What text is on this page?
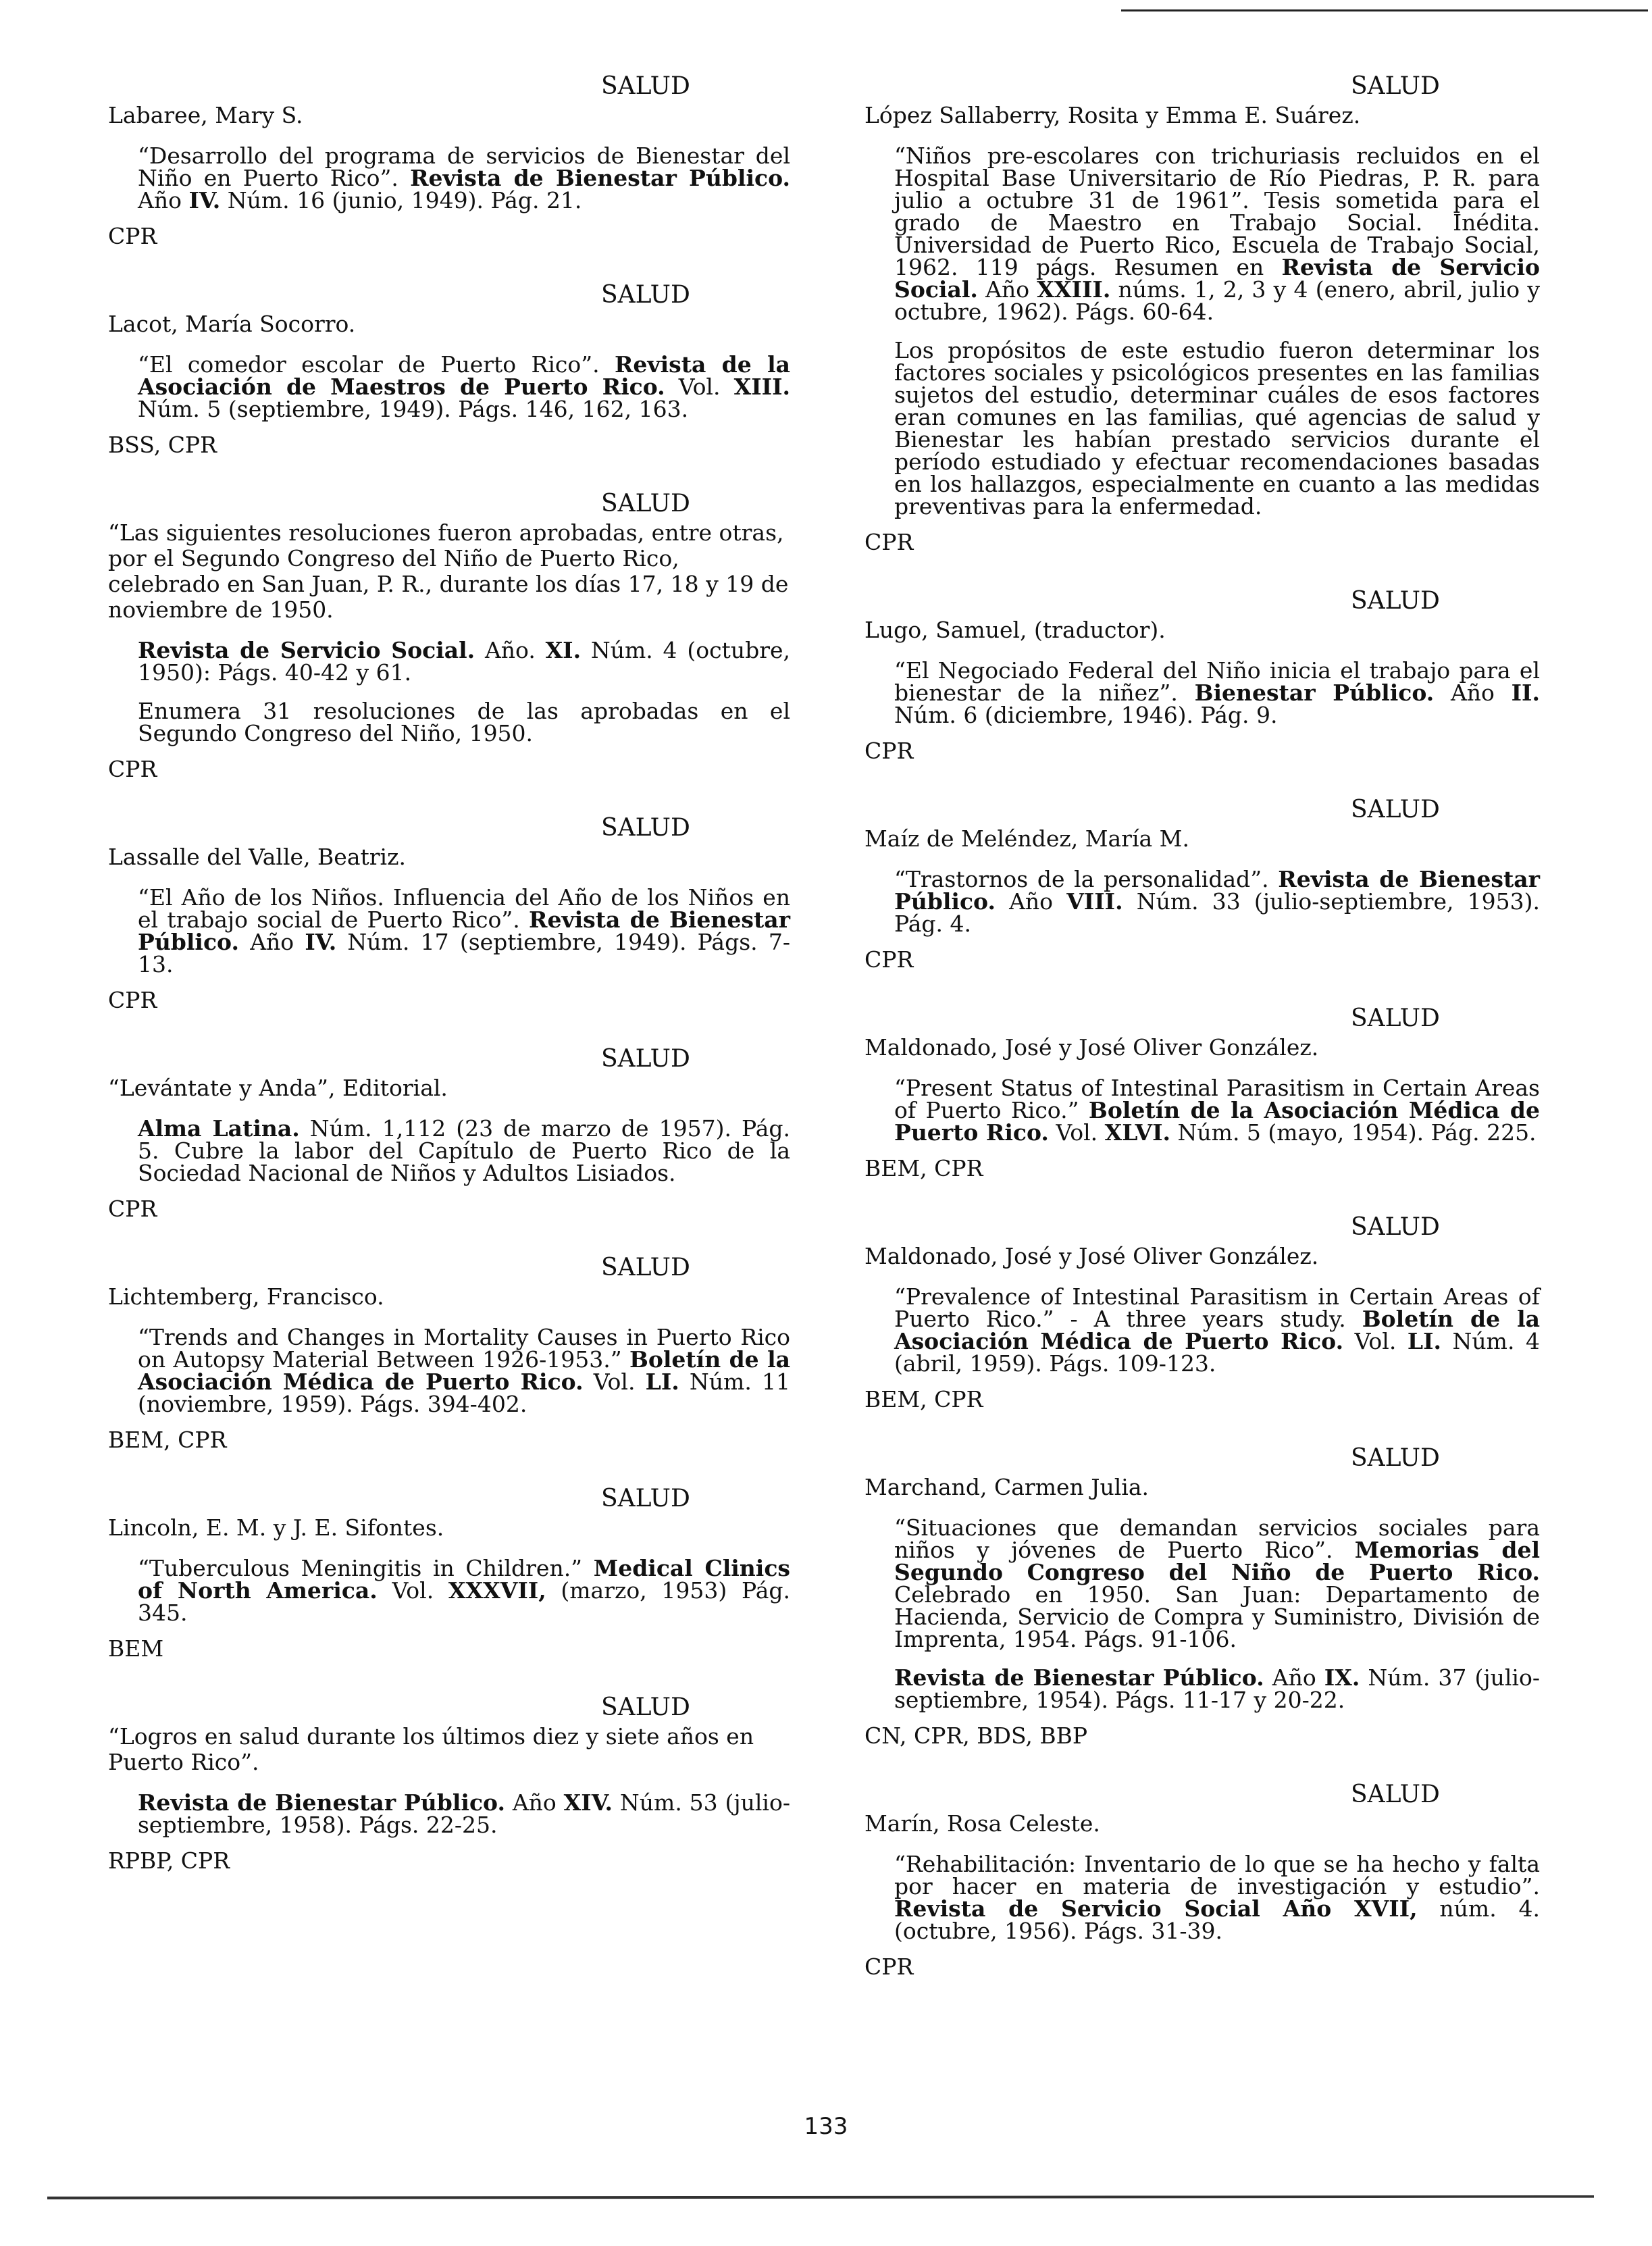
SALUD
Labaree, Mary S.
“Desarrollo del programa de servicios de Bienestar del Niño en Puerto Rico”. Revista de Bienestar Público. Año IV. Núm. 16 (junio, 1949). Pág. 21.
CPR
SALUD
Lacot, María Socorro.
“El comedor escolar de Puerto Rico”. Revista de la Asociación de Maestros de Puerto Rico. Vol. XIII. Núm. 5 (septiembre, 1949). Págs. 146, 162, 163.
BSS, CPR
SALUD
“Las siguientes resoluciones fueron aprobadas, entre otras, por el Segundo Congreso del Niño de Puerto Rico, celebrado en San Juan, P. R., durante los días 17, 18 y 19 de noviembre de 1950.
Revista de Servicio Social. Año. XI. Núm. 4 (octubre, 1950): Págs. 40-42 y 61.
Enumera 31 resoluciones de las aprobadas en el Segundo Congreso del Niño, 1950.
CPR
SALUD
Lassalle del Valle, Beatriz.
“El Año de los Niños. Influencia del Año de los Niños en el trabajo social de Puerto Rico”. Revista de Bienestar Público. Año IV. Núm. 17 (septiembre, 1949). Págs. 7-13.
CPR
SALUD
“Levántate y Anda”, Editorial.
Alma Latina. Núm. 1,112 (23 de marzo de 1957). Pág. 5. Cubre la labor del Capítulo de Puerto Rico de la Sociedad Nacional de Niños y Adultos Lisiados.
CPR
SALUD
Lichtemberg, Francisco.
“Trends and Changes in Mortality Causes in Puerto Rico on Autopsy Material Between 1926-1953.” Boletín de la Asociación Médica de Puerto Rico. Vol. LI. Núm. 11 (noviembre, 1959). Págs. 394-402.
BEM, CPR
SALUD
Lincoln, E. M. y J. E. Sifontes.
“Tuberculous Meningitis in Children.” Medical Clinics of North America. Vol. XXXVII, (marzo, 1953) Pág. 345.
BEM
SALUD
“Logros en salud durante los últimos diez y siete años en Puerto Rico”.
Revista de Bienestar Público. Año XIV. Núm. 53 (julio-septiembre, 1958). Págs. 22-25.
RPBP, CPR
SALUD
López Sallaberry, Rosita y Emma E. Suárez.
“Niños pre-escolares con trichuriasis recluidos en el Hospital Base Universitario de Río Piedras, P. R. para julio a octubre 31 de 1961”. Tesis sometida para el grado de Maestro en Trabajo Social. Inédita. Universidad de Puerto Rico, Escuela de Trabajo Social, 1962. 119 págs. Resumen en Revista de Servicio Social. Año XXIII. núms. 1, 2, 3 y 4 (enero, abril, julio y octubre, 1962). Págs. 60-64.
Los propósitos de este estudio fueron determinar los factores sociales y psicológicos presentes en las familias sujetos del estudio, determinar cuáles de esos factores eran comunes en las familias, qué agencias de salud y Bienestar les habían prestado servicios durante el período estudiado y efectuar recomendaciones basadas en los hallazgos, especialmente en cuanto a las medidas preventivas para la enfermedad.
CPR
SALUD
Lugo, Samuel, (traductor).
“El Negociado Federal del Niño inicia el trabajo para el bienestar de la niñez”. Bienestar Público. Año II. Núm. 6 (diciembre, 1946). Pág. 9.
CPR
SALUD
Maíz de Meléndez, María M.
“Trastornos de la personalidad”. Revista de Bienestar Público. Año VIII. Núm. 33 (julio-septiembre, 1953). Pág. 4.
CPR
SALUD
Maldonado, José y José Oliver González.
“Present Status of Intestinal Parasitism in Certain Areas of Puerto Rico.” Boletín de la Asociación Médica de Puerto Rico. Vol. XLVI. Núm. 5 (mayo, 1954). Pág. 225.
BEM, CPR
SALUD
Maldonado, José y José Oliver González.
“Prevalence of Intestinal Parasitism in Certain Areas of Puerto Rico.” - A three years study. Boletín de la Asociación Médica de Puerto Rico. Vol. LI. Núm. 4 (abril, 1959). Págs. 109-123.
BEM, CPR
SALUD
Marchand, Carmen Julia.
“Situaciones que demandan servicios sociales para niños y jóvenes de Puerto Rico”. Memorias del Segundo Congreso del Niño de Puerto Rico. Celebrado en 1950. San Juan: Departamento de Hacienda, Servicio de Compra y Suministro, División de Imprenta, 1954. Págs. 91-106.
Revista de Bienestar Público. Año IX. Núm. 37 (julio-septiembre, 1954). Págs. 11-17 y 20-22.
CN, CPR, BDS, BBP
SALUD
Marín, Rosa Celeste.
“Rehabilitación: Inventario de lo que se ha hecho y falta por hacer en materia de investigación y estudio”. Revista de Servicio Social Año XVII, núm. 4. (octubre, 1956). Págs. 31-39.
CPR
133
